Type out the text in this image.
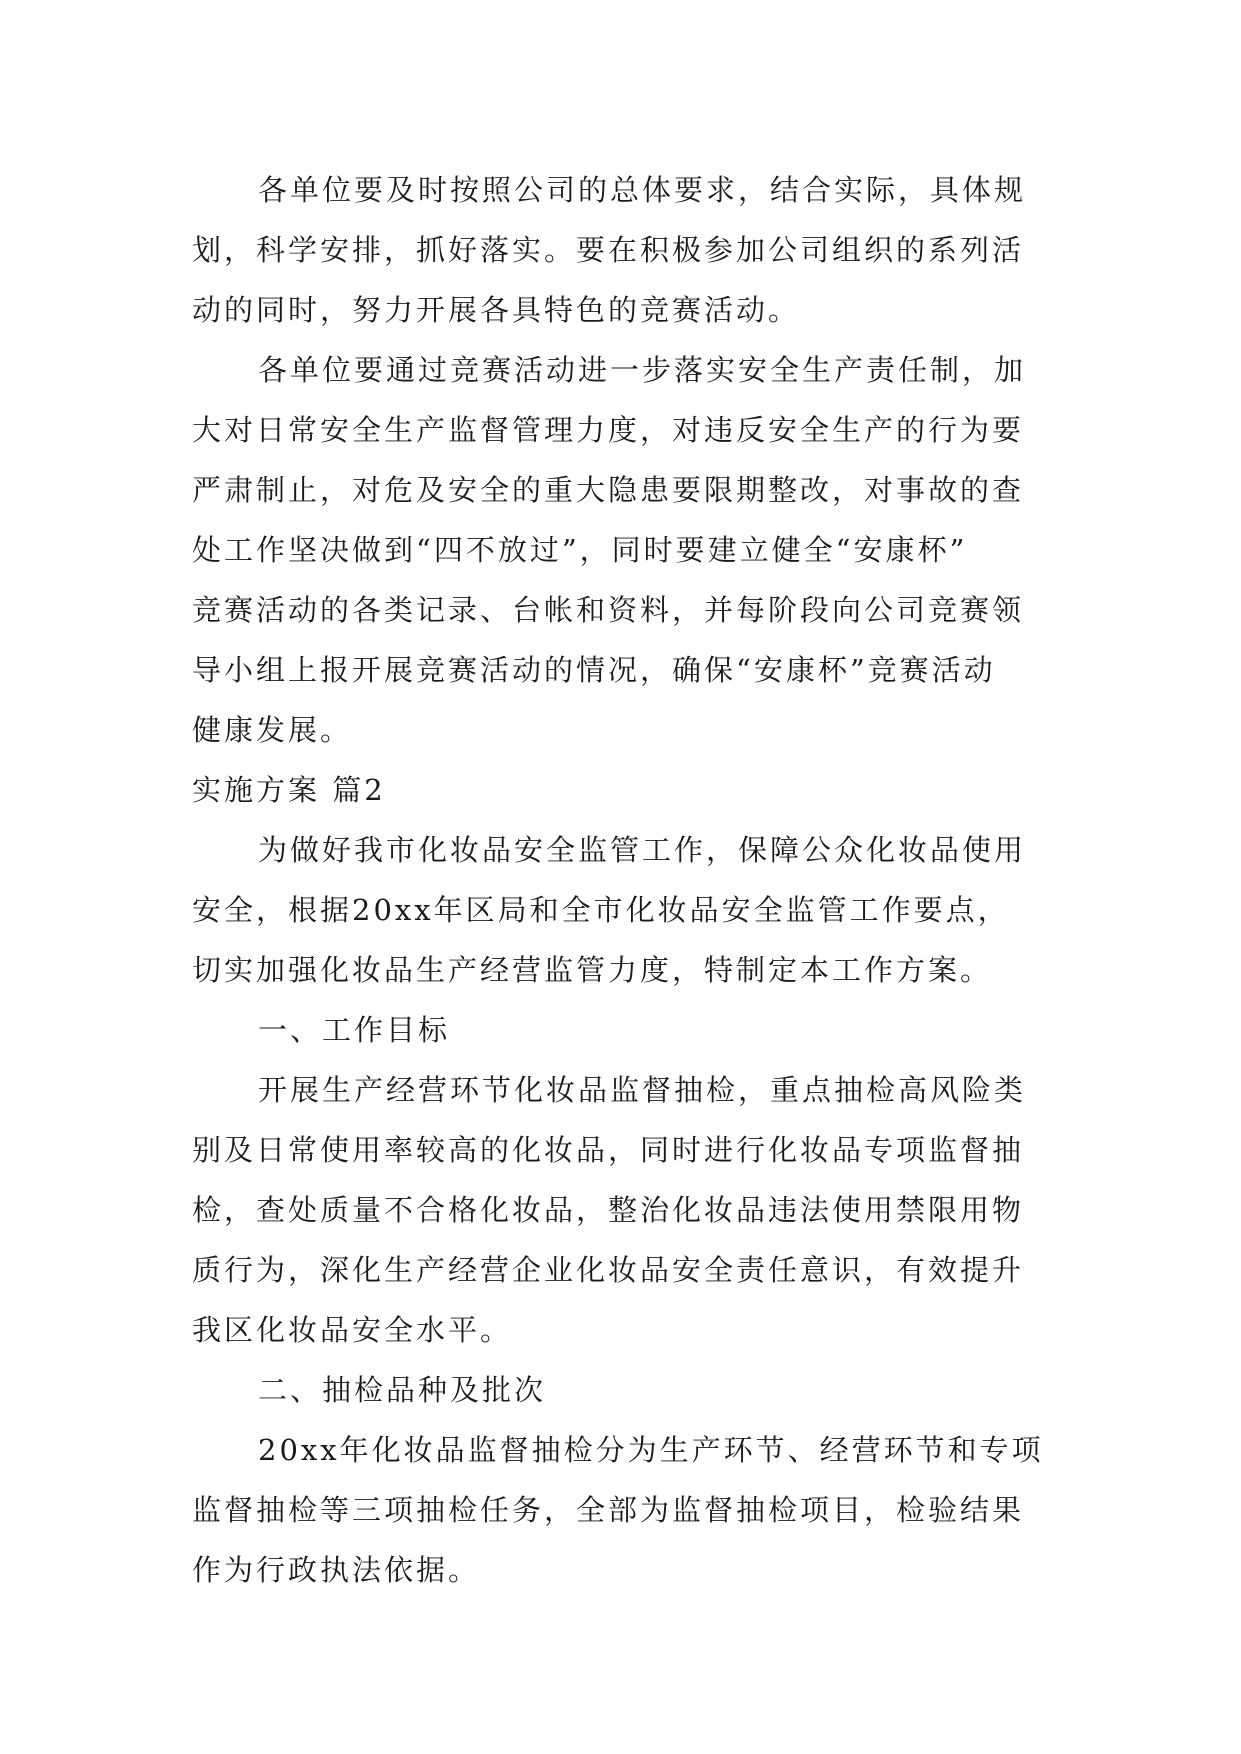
各单位要及时按照公司的总体要求，结合实际，具体规
划，科学安排，抓好落实。要在积极参加公司组织的系列活
动的同时，努力开展各具特色的竞赛活动。
各单位要通过竞赛活动进一步落实安全生产责任制，加
大对日常安全生产监督管理力度，对违反安全生产的行为要
严肃制止，对危及安全的重大隐患要限期整改，对事故的查
处工作坚决做到“四不放过”，同时要建立健全“安康杯”
竞赛活动的各类记录、台帐和资料，并每阶段向公司竞赛领
导小组上报开展竞赛活动的情况，确保“安康杯”竞赛活动
健康发展。
实施方案 篇2
为做好我市化妆品安全监管工作，保障公众化妆品使用
安全，根据20xx年区局和全市化妆品安全监管工作要点，
切实加强化妆品生产经营监管力度，特制定本工作方案。
一、工作目标
开展生产经营环节化妆品监督抽检，重点抽检高风险类
别及日常使用率较高的化妆品，同时进行化妆品专项监督抽
检，查处质量不合格化妆品，整治化妆品违法使用禁限用物
质行为，深化生产经营企业化妆品安全责任意识，有效提升
我区化妆品安全水平。
二、抽检品种及批次
20xx年化妆品监督抽检分为生产环节、经营环节和专项
监督抽检等三项抽检任务，全部为监督抽检项目，检验结果
作为行政执法依据。
